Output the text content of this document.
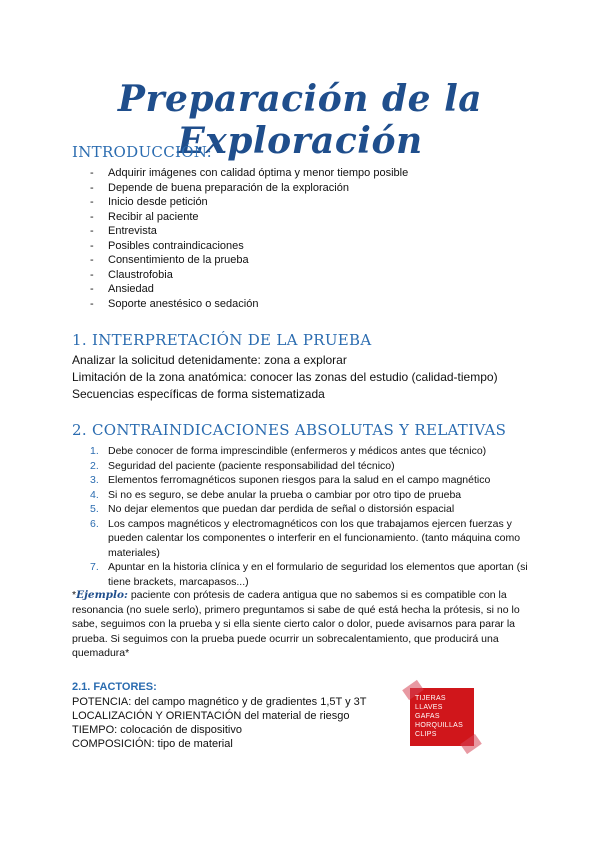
Preparación de la Exploración
INTRODUCCIÓN:
- Adquirir imágenes con calidad óptima y menor tiempo posible
- Depende de buena preparación de la exploración
- Inicio desde petición
- Recibir al paciente
- Entrevista
- Posibles contraindicaciones
- Consentimiento de la prueba
- Claustrofobia
- Ansiedad
- Soporte anestésico o sedación
1. INTERPRETACIÓN DE LA PRUEBA
Analizar la solicitud detenidamente: zona a explorar
Limitación de la zona anatómica: conocer las zonas del estudio (calidad-tiempo)
Secuencias específicas de forma sistematizada
2. CONTRAINDICACIONES ABSOLUTAS Y RELATIVAS
1. Debe conocer de forma imprescindible (enfermeros y médicos antes que técnico)
2. Seguridad del paciente (paciente responsabilidad del técnico)
3. Elementos ferromagnéticos suponen riesgos para la salud en el campo magnético
4. Si no es seguro, se debe anular la prueba o cambiar por otro tipo de prueba
5. No dejar elementos que puedan dar perdida de señal o distorsión espacial
6. Los campos magnéticos y electromagnéticos con los que trabajamos ejercen fuerzas y pueden calentar los componentes o interferir en el funcionamiento. (tanto máquina como materiales)
7. Apuntar en la historia clínica y en el formulario de seguridad los elementos que aportan (si tiene brackets, marcapasos...)
*Ejemplo: paciente con prótesis de cadera antigua que no sabemos si es compatible con la resonancia (no suele serlo), primero preguntamos si sabe de qué está hecha la prótesis, si no lo sabe, seguimos con la prueba y si ella siente cierto calor o dolor, puede avisarnos para parar la prueba. Si seguimos con la prueba puede ocurrir un sobrecalentamiento, que producirá una quemadura*
2.1. FACTORES:
POTENCIA: del campo magnético y de gradientes 1,5T y 3T
LOCALIZACIÓN Y ORIENTACIÓN del material de riesgo
TIEMPO: colocación de dispositivo
COMPOSICIÓN: tipo de material
TIJERAS
LLAVES
GAFAS
HORQUILLAS
CLIPS
